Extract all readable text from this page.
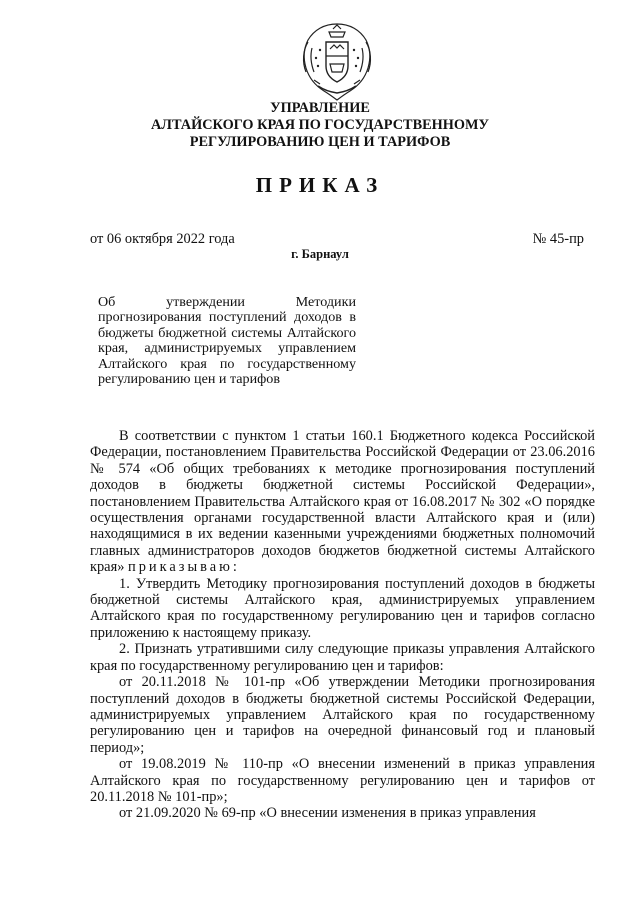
УПРАВЛЕНИЕ
АЛТАЙСКОГО КРАЯ ПО ГОСУДАРСТВЕННОМУ
РЕГУЛИРОВАНИЮ ЦЕН И ТАРИФОВ
ПРИКАЗ
от 06 октября 2022 года	№ 45-пр
г. Барнаул
Об утверждении Методики прогнозирования поступлений доходов в бюджеты бюджетной системы Алтайского края, администрируемых управлением Алтайского края по государственному регулированию цен и тарифов

В соответствии с пунктом 1 статьи 160.1 Бюджетного кодекса Российской Федерации, постановлением Правительства Российской Федерации от 23.06.2016 № 574 «Об общих требованиях к методике прогнозирования поступлений доходов в бюджеты бюджетной системы Российской Федерации», постановлением Правительства Алтайского края от 16.08.2017 № 302 «О порядке осуществления органами государственной власти Алтайского края и (или) находящимися в их ведении казенными учреждениями бюджетных полномочий главных администраторов доходов бюджетов бюджетной системы Алтайского края» приказываю:

1. Утвердить Методику прогнозирования поступлений доходов в бюджеты бюджетной системы Алтайского края, администрируемых управлением Алтайского края по государственному регулированию цен и тарифов согласно приложению к настоящему приказу.

2. Признать утратившими силу следующие приказы управления Алтайского края по государственному регулированию цен и тарифов:

от 20.11.2018 № 101-пр «Об утверждении Методики прогнозирования поступлений доходов в бюджеты бюджетной системы Российской Федерации, администрируемых управлением Алтайского края по государственному регулированию цен и тарифов на очередной финансовый год и плановый период»;

от 19.08.2019 № 110-пр «О внесении изменений в приказ управления Алтайского края по государственному регулированию цен и тарифов от 20.11.2018 № 101-пр»;

от 21.09.2020 № 69-пр «О внесении изменения в приказ управления
